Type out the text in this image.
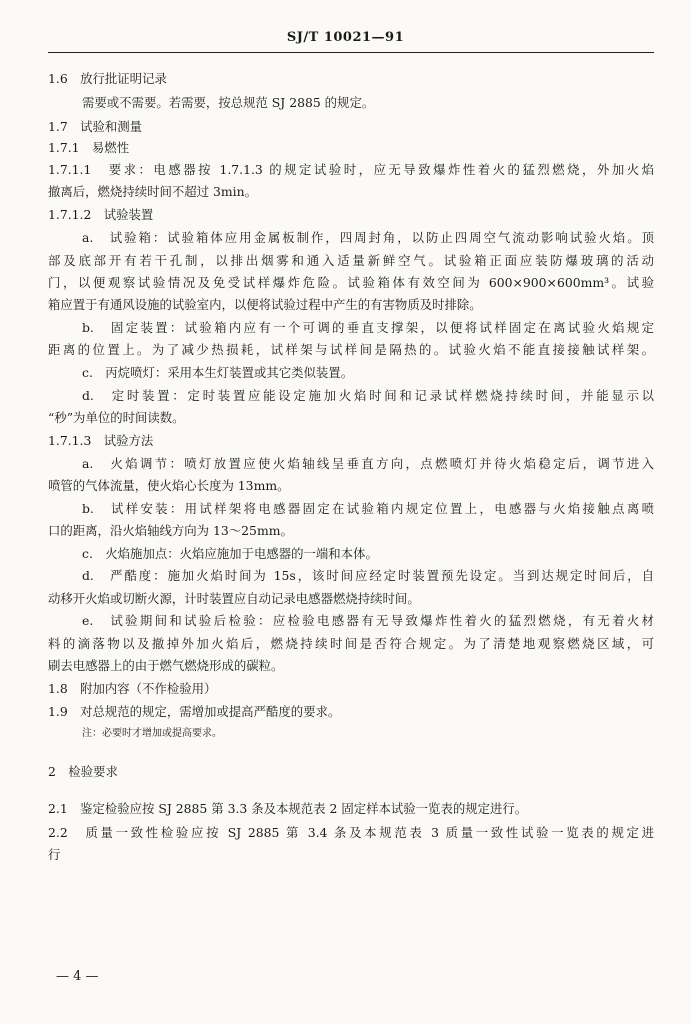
SJ/T 10021—91
1.6　放行批证明记录
需要或不需要。若需要，按总规范 SJ 2885 的规定。
1.7　试验和测量
1.7.1　易燃性
1.7.1.1　要求：电感器按 1.7.1.3 的规定试验时，应无导致爆炸性着火的猛烈燃烧，外加火焰
撤离后，燃烧持续时间不超过 3min。
1.7.1.2　试验装置
a.　试验箱：试验箱体应用金属板制作，四周封角，以防止四周空气流动影响试验火焰。顶
部及底部开有若干孔制，以排出烟雾和通入适量新鲜空气。试验箱正面应装防爆玻璃的活动
门，以便观察试验情况及免受试样爆炸危险。试验箱体有效空间为 600×900×600mm³。试验
箱应置于有通风设施的试验室内，以便将试验过程中产生的有害物质及时排除。
b.　固定装置：试验箱内应有一个可调的垂直支撑架，以便将试样固定在离试验火焰规定
距离的位置上。为了减少热损耗，试样架与试样间是隔热的。试验火焰不能直接接触试样架。
c.　丙烷喷灯：采用本生灯装置或其它类似装置。
d.　定时装置：定时装置应能设定施加火焰时间和记录试样燃烧持续时间，并能显示以
“秒”为单位的时间读数。
1.7.1.3　试验方法
a.　火焰调节：喷灯放置应使火焰轴线呈垂直方向，点燃喷灯并待火焰稳定后，调节进入
喷管的气体流量，使火焰心长度为 13mm。
b.　试样安装：用试样架将电感器固定在试验箱内规定位置上，电感器与火焰接触点离喷
口的距离，沿火焰轴线方向为 13～25mm。
c.　火焰施加点：火焰应施加于电感器的一端和本体。
d.　严酷度：施加火焰时间为 15s，该时间应经定时装置预先设定。当到达规定时间后，自
动移开火焰或切断火源，计时装置应自动记录电感器燃烧持续时间。
e.　试验期间和试验后检验：应检验电感器有无导致爆炸性着火的猛烈燃烧，有无着火材
料的滴落物以及撤掉外加火焰后，燃烧持续时间是否符合规定。为了清楚地观察燃烧区域，可
刷去电感器上的由于燃气燃烧形成的碳粒。
1.8　附加内容（不作检验用）
1.9　对总规范的规定，需增加或提高严酷度的要求。
注：必要时才增加或提高要求。
2　检验要求
2.1　鉴定检验应按 SJ 2885 第 3.3 条及本规范表 2 固定样本试验一览表的规定进行。
2.2　质量一致性检验应按 SJ 2885 第 3.4 条及本规范表 3 质量一致性试验一览表的规定进
行
— 4 —
